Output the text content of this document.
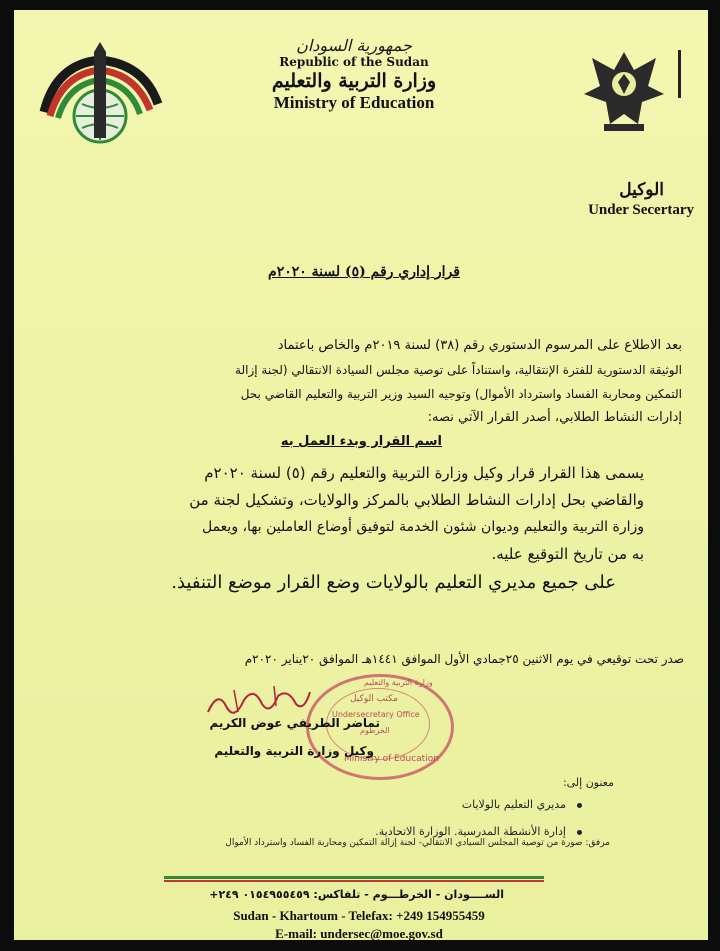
جمهورية السودان
Republic of the Sudan
وزارة التربية والتعليم
Ministry of Education
الوكيل
Under Secertary
قرار إداري رقم (٥) لسنة ٢٠٢٠م
بعد الاطلاع على المرسوم الدستوري رقم (٣٨) لسنة ٢٠١٩م والخاص باعتماد
الوثيقة الدستورية للفترة الإنتقالية، واستناداً على توصية مجلس السيادة الانتقالي (لجنة إزالة
التمكين ومحاربة الفساد واسترداد الأموال) وتوجيه السيد وزير التربية والتعليم القاضي بحل
إدارات النشاط الطلابي، أصدر القرار الآتي نصه:
اسم القرار وبدء العمل به
يسمى هذا القرار قرار وكيل وزارة التربية والتعليم رقم (٥) لسنة ٢٠٢٠م
والقاضي بحل إدارات النشاط الطلابي بالمركز والولايات، وتشكيل لجنة من
وزارة التربية والتعليم وديوان شئون الخدمة لتوفيق أوضاع العاملين بها، ويعمل
به من تاريخ التوقيع عليه.
على جميع مديري التعليم بالولايات وضع القرار موضع التنفيذ.
صدر تحت توقيعي في يوم الاثنين ٢٥جمادي الأول الموافق ١٤٤١هـ الموافق ٢٠يناير ٢٠٢٠م
مكتب الوكيل
Undersecretary Office
الخرطوم
Ministry of Education
وزارة التربية والتعليم
تماضر الطريفي عوض الكريم
وكيل وزارة التربية والتعليم
معنون إلى:
مديري التعليم بالولايات
إدارة الأنشطة المدرسية. الوزارة الاتحادية.
مرفق: صورة من توصية المجلس السيادي الانتقالي- لجنة إزالة التمكين ومحاربة الفساد واسترداد الأموال
الســــودان - الخرطـــوم - تلفاكس: ٠١٥٤٩٥٥٤٥٩ ٢٤٩+
Sudan - Khartoum - Telefax: +249 154955459
E-mail: undersec@moe.gov.sd
